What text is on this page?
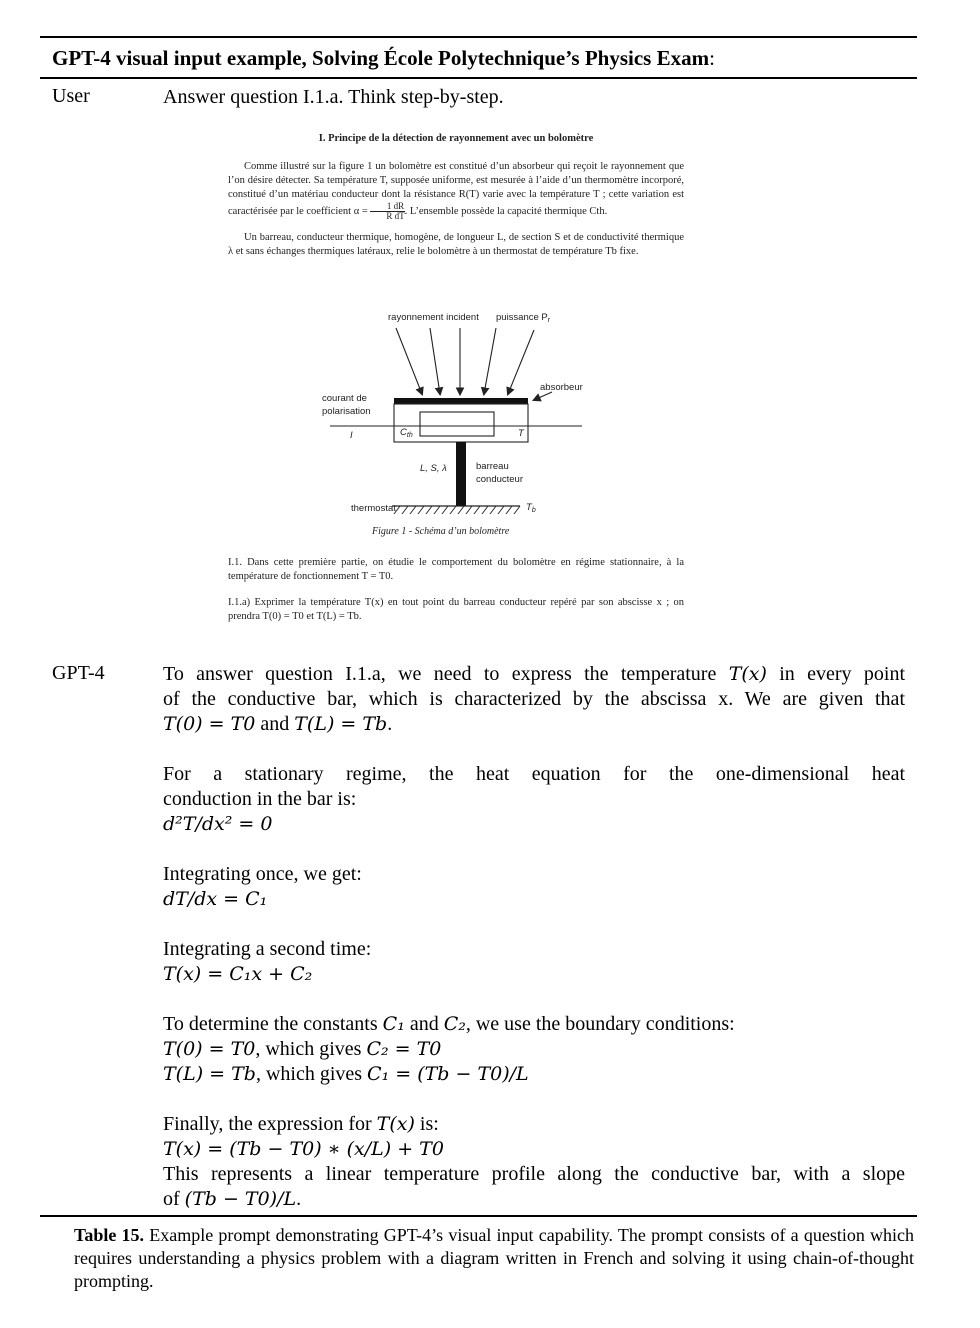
GPT-4 visual input example, Solving École Polytechnique’s Physics Exam:
User	Answer question I.1.a. Think step-by-step.

I. Principe de la détection de rayonnement avec un bolomètre

Comme illustré sur la figure 1 un bolomètre est constitué d’un absorbeur qui reçoit le rayonnement que l’on désire détecter. Sa température T, supposée uniforme, est mesurée à l’aide d’un thermomètre incorporé, constitué d’un matériau conducteur dont la résistance R(T) varie avec la température T ; cette variation est caractérisée par le coefficient $\alpha = \frac{1 dR}{\text{R dT}}$ . L’ensemble possède la capacité thermique Cth.

Un barreau, conducteur thermique, homogène, de longueur L, de section S et de conductivité thermique λ et sans échanges thermiques latéraux, relie le bolomètre à un thermostat de température Tb fixe.

rayonnement incident puissance $P_r$
absorbeur
courant de
polarisation
I	$C_{th}$	T
L, S, λ	barreau
conducteur
thermostat	$T_b$
Figure 1 - Schéma d’un bolomètre

I.1. Dans cette première partie, on étudie le comportement du bolomètre en régime stationnaire, à la température de fonctionnement T = T0.

I.1.a) Exprimer la température T(x) en tout point du barreau conducteur repéré par son abscisse x ; on prendra T(0) = T0 et T(L) = Tb.

GPT-4	To answer question I.1.a, we need to express the temperature T(x) in every point

of the conductive bar, which is characterized by the abscissa x. We are given that

T(0) = T0 and T(L) = Tb.

For a stationary regime, the heat equation for the one-dimensional heat

conduction in the bar is:

d²T/dx² = 0

Integrating once, we get:

dT/dx = C₁

Integrating a second time:

T(x) = C₁x + C₂

To determine the constants C₁ and C₂, we use the boundary conditions:

T(0) = T0, which gives C₂ = T0

T(L) = Tb, which gives C₁ = (Tb − T0)/L

Finally, the expression for T(x) is:

T(x) = (Tb − T0) ∗ (x/L) + T0

This represents a linear temperature profile along the conductive bar, with a slope

of (Tb − T0)/L.

Table 15. Example prompt demonstrating GPT-4’s visual input capability. The prompt consists of a question which requires understanding a physics problem with a diagram written in French and solving it using chain-of-thought prompting.
